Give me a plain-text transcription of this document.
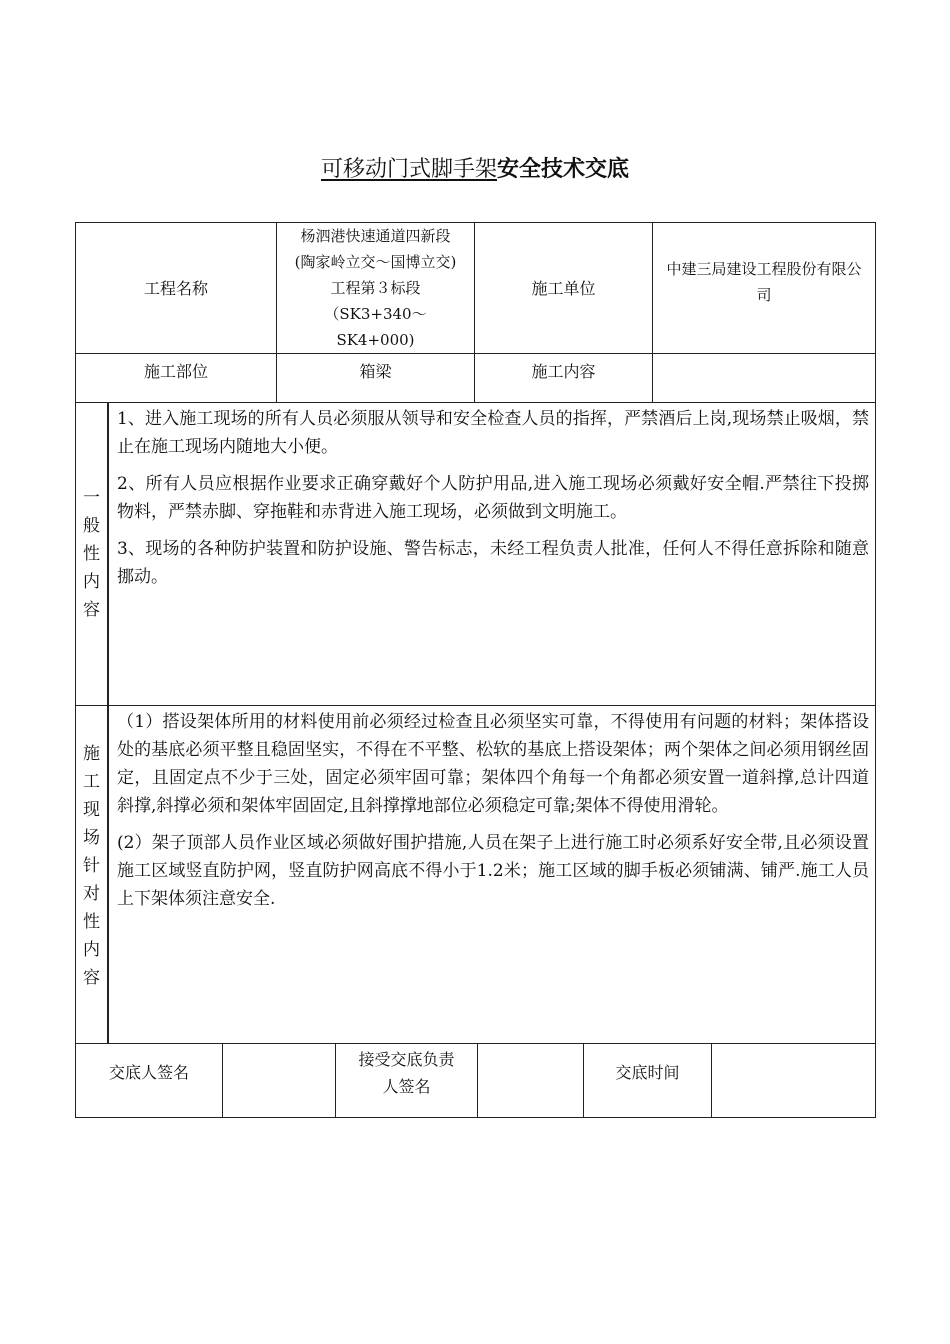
可移动门式脚手架安全技术交底
工程名称
杨泗港快速通道四新段(陶家岭立交～国博立交)工程第３标段（SK3+340～SK4+000)
施工单位
中建三局建设工程股份有限公司
施工部位	箱梁	施工内容
一般性内容

1、进入施工现场的所有人员必须服从领导和安全检查人员的指挥，严禁酒后上岗,现场禁止吸烟，禁止在施工现场内随地大小便。

2、所有人员应根据作业要求正确穿戴好个人防护用品,进入施工现场必须戴好安全帽.严禁往下投掷物料，严禁赤脚、穿拖鞋和赤背进入施工现场，必须做到文明施工。

3、现场的各种防护装置和防护设施、警告标志，未经工程负责人批准，任何人不得任意拆除和随意挪动。

施工现场针对性内容

（1）搭设架体所用的材料使用前必须经过检查且必须坚实可靠，不得使用有问题的材料；架体搭设处的基底必须平整且稳固坚实，不得在不平整、松软的基底上搭设架体；两个架体之间必须用钢丝固定，且固定点不少于三处，固定必须牢固可靠；架体四个角每一个角都必须安置一道斜撑,总计四道斜撑,斜撑必须和架体牢固固定,且斜撑撑地部位必须稳定可靠;架体不得使用滑轮。

(2）架子顶部人员作业区域必须做好围护措施,人员在架子上进行施工时必须系好安全带,且必须设置施工区域竖直防护网，竖直防护网高底不得小于1.2米；施工区域的脚手板必须铺满、铺严.施工人员上下架体须注意安全.

交底人签名
接受交底负责人签名
交底时间
